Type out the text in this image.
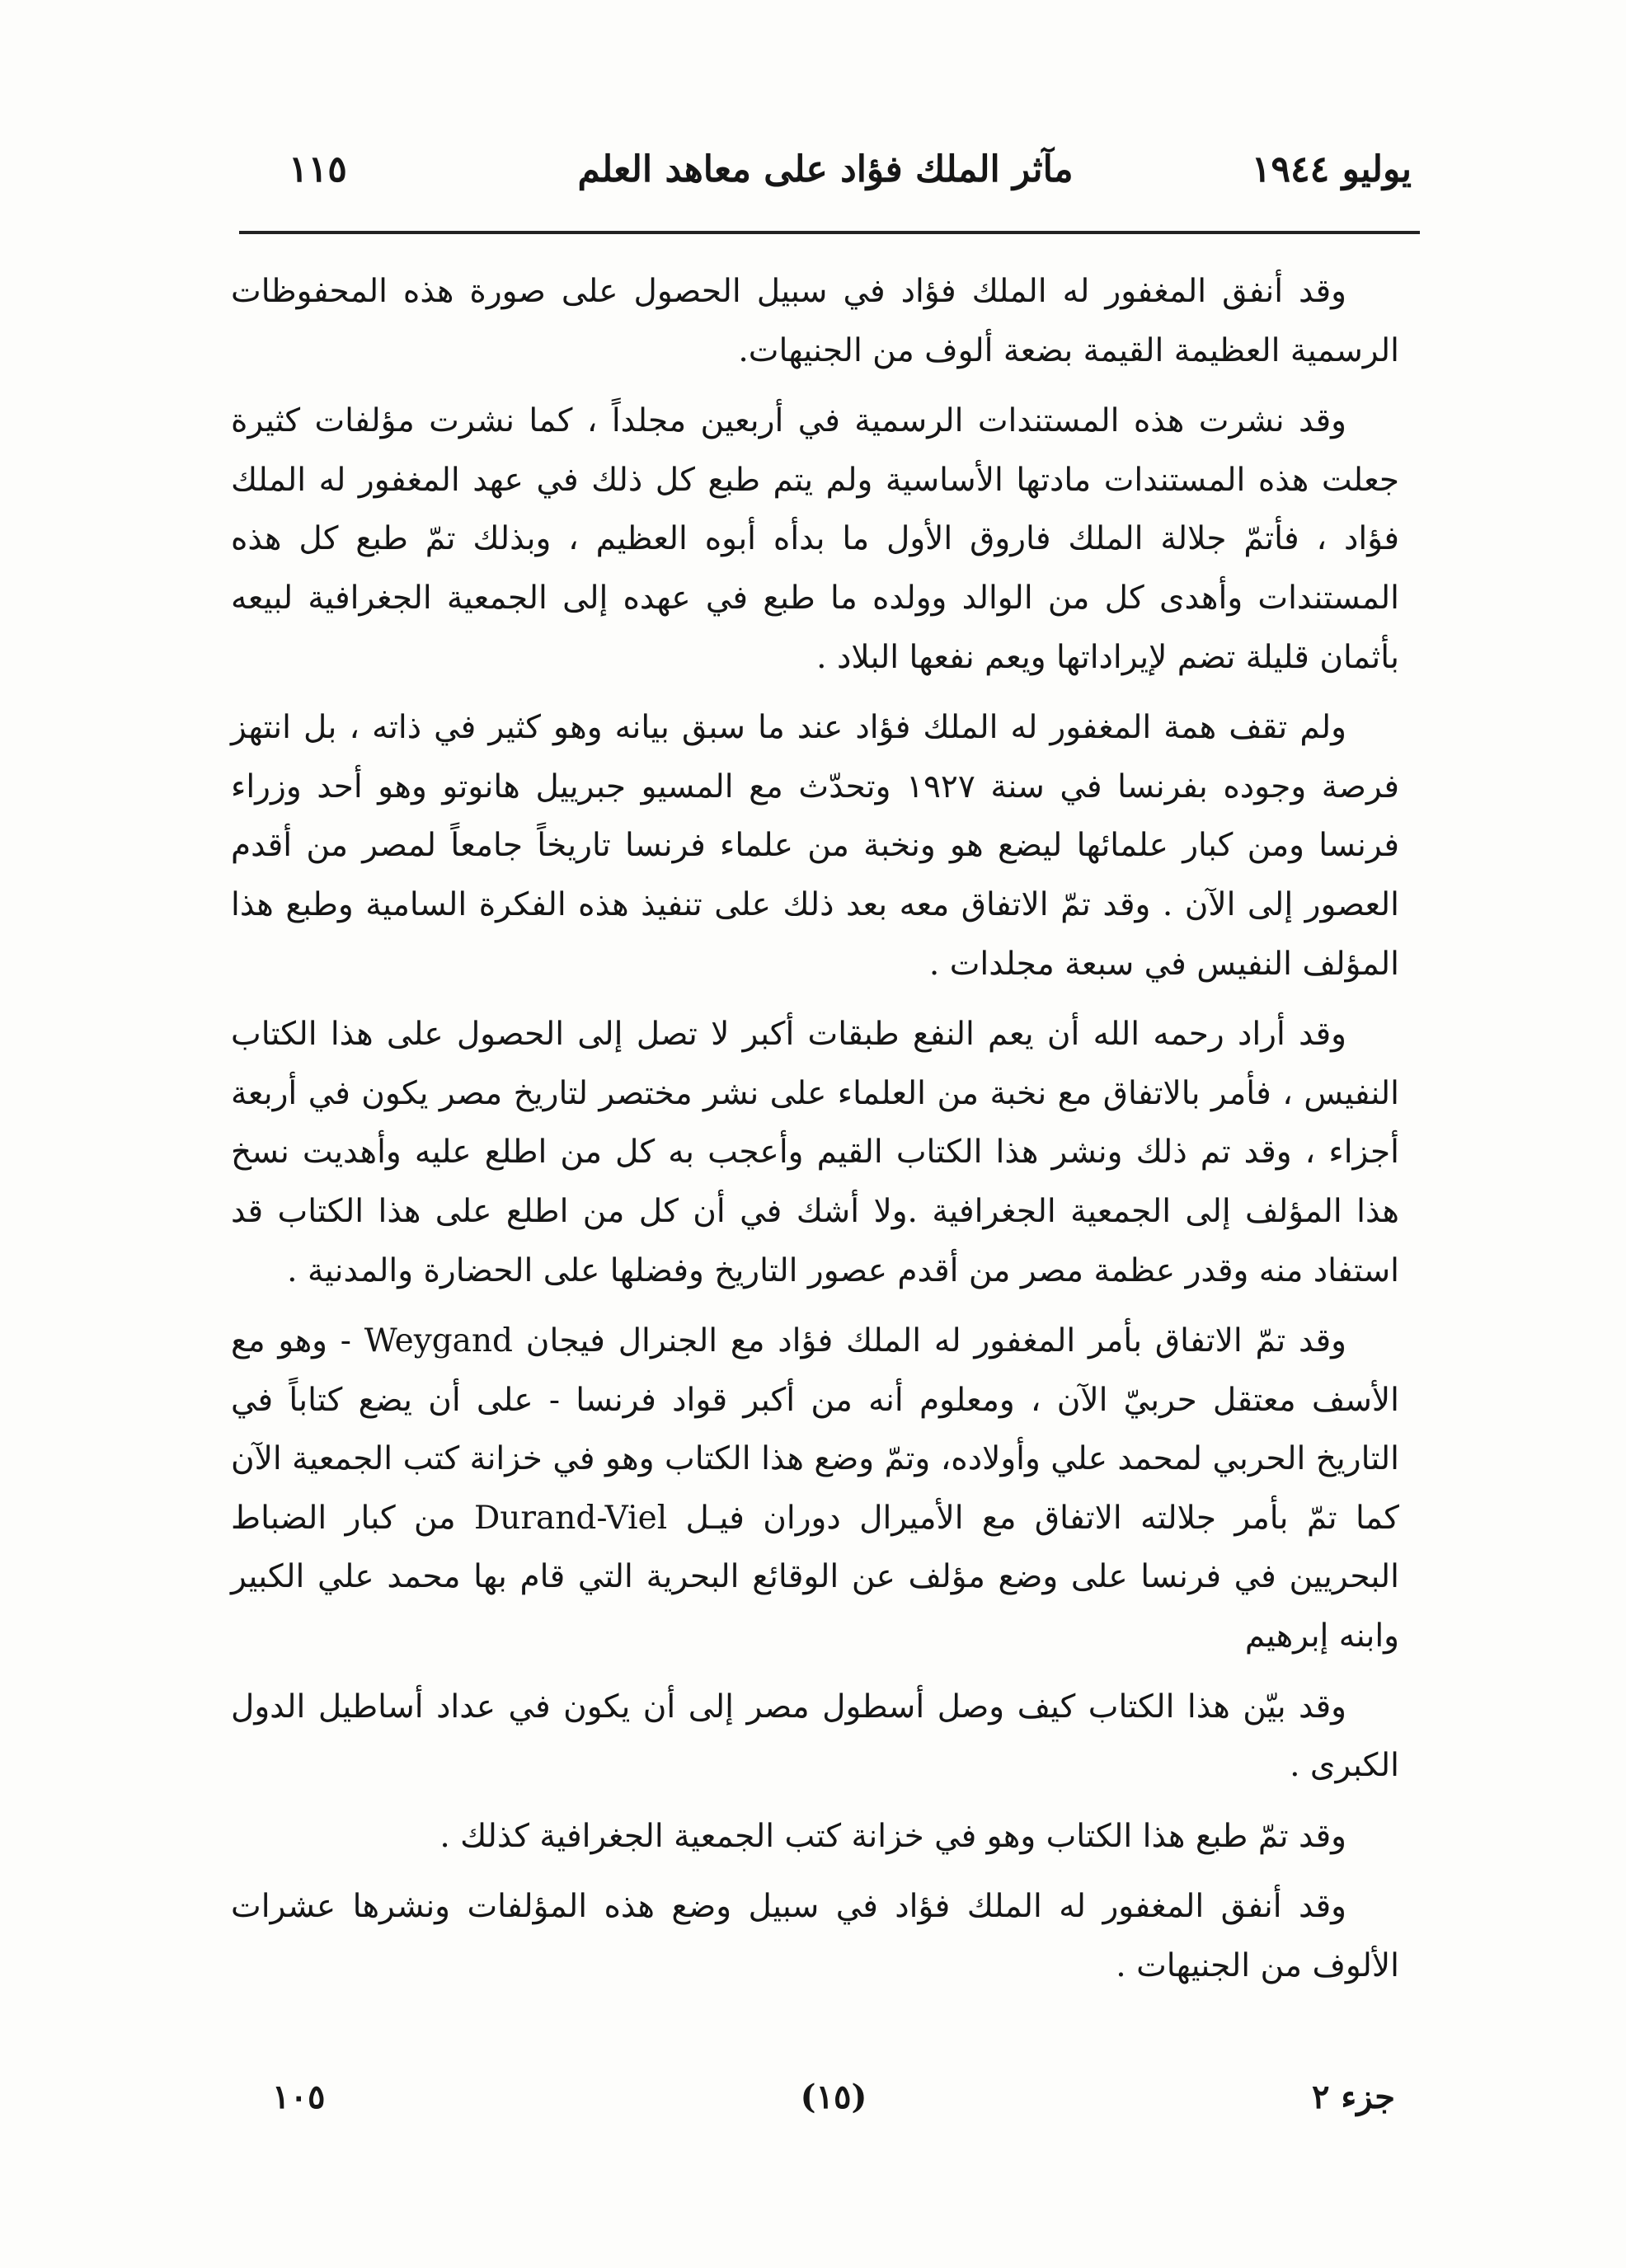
يوليو ١٩٤٤
مآثر الملك فؤاد على معاهد العلم
١١٥

وقد أنفق المغفور له الملك فؤاد في سبيل الحصول على صورة هذه المحفوظات الرسمية العظيمة القيمة بضعة ألوف من الجنيهات.

وقد نشرت هذه المستندات الرسمية في أربعين مجلداً ، كما نشرت مؤلفات كثيرة جعلت هذه المستندات مادتها الأساسية ولم يتم طبع كل ذلك في عهد المغفور له الملك فؤاد ، فأتمّ جلالة الملك فاروق الأول ما بدأه أبوه العظيم ، وبذلك تمّ طبع كل هذه المستندات وأهدى كل من الوالد وولده ما طبع في عهده إلى الجمعية الجغرافية لبيعه بأثمان قليلة تضم لإيراداتها ويعم نفعها البلاد .

ولم تقف همة المغفور له الملك فؤاد عند ما سبق بيانه وهو كثير في ذاته ، بل انتهز فرصة وجوده بفرنسا في سنة ١٩٢٧ وتحدّث مع المسيو جبرييل هانوتو وهو أحد وزراء فرنسا ومن كبار علمائها ليضع هو ونخبة من علماء فرنسا تاريخاً جامعاً لمصر من أقدم العصور إلى الآن . وقد تمّ الاتفاق معه بعد ذلك على تنفيذ هذه الفكرة السامية وطبع هذا المؤلف النفيس في سبعة مجلدات .

وقد أراد رحمه الله أن يعم النفع طبقات أكبر لا تصل إلى الحصول على هذا الكتاب النفيس ، فأمر بالاتفاق مع نخبة من العلماء على نشر مختصر لتاريخ مصر يكون في أربعة أجزاء ، وقد تم ذلك ونشر هذا الكتاب القيم وأعجب به كل من اطلع عليه وأهديت نسخ هذا المؤلف إلى الجمعية الجغرافية .ولا أشك في أن كل من اطلع على هذا الكتاب قد استفاد منه وقدر عظمة مصر من أقدم عصور التاريخ وفضلها على الحضارة والمدنية .

وقد تمّ الاتفاق بأمر المغفور له الملك فؤاد مع الجنرال فيجان Weygand - وهو مع الأسف معتقل حربيّ الآن ، ومعلوم أنه من أكبر قواد فرنسا - على أن يضع كتاباً في التاريخ الحربي لمحمد علي وأولاده، وتمّ وضع هذا الكتاب وهو في خزانة كتب الجمعية الآن كما تمّ بأمر جلالته الاتفاق مع الأميرال دوران فيـل Durand-Viel من كبار الضباط البحريين في فرنسا على وضع مؤلف عن الوقائع البحرية التي قام بها محمد علي الكبير وابنه إبرهيم

وقد بيّن هذا الكتاب كيف وصل أسطول مصر إلى أن يكون في عداد أساطيل الدول الكبرى .

وقد تمّ طبع هذا الكتاب وهو في خزانة كتب الجمعية الجغرافية كذلك .

وقد أنفق المغفور له الملك فؤاد في سبيل وضع هذه المؤلفات ونشرها عشرات الألوف من الجنيهات .

جزء ٢
(١٥)
١٠٥
